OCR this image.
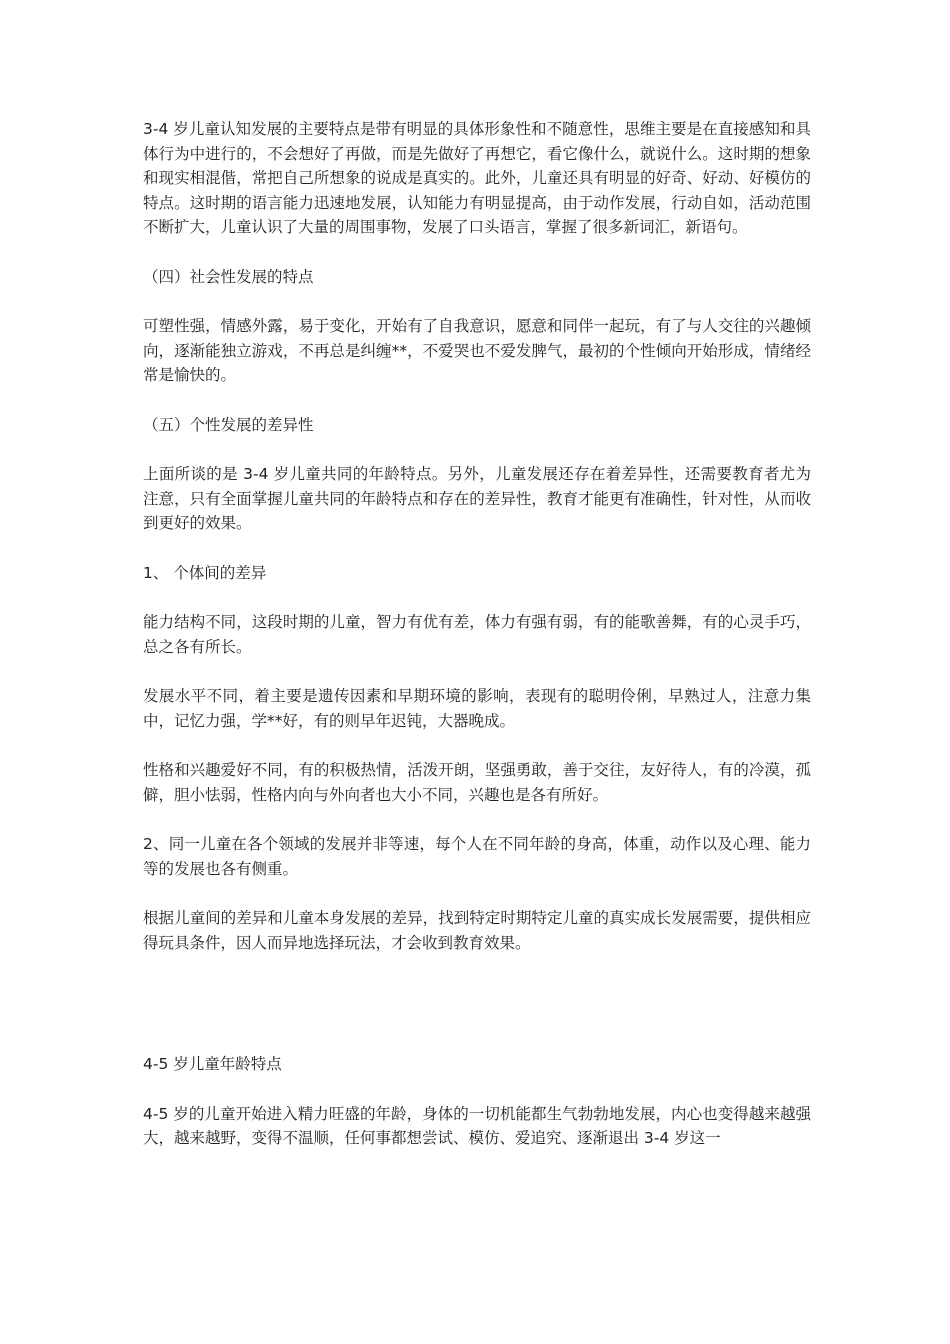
3-4 岁儿童认知发展的主要特点是带有明显的具体形象性和不随意性，思维主要是在直接感知和具体行为中进行的，不会想好了再做，而是先做好了再想它，看它像什么，就说什么。这时期的想象和现实相混偕，常把自己所想象的说成是真实的。此外，儿童还具有明显的好奇、好动、好模仿的特点。这时期的语言能力迅速地发展，认知能力有明显提高，由于动作发展，行动自如，活动范围不断扩大，儿童认识了大量的周围事物，发展了口头语言，掌握了很多新词汇，新语句。

（四）社会性发展的特点

可塑性强，情感外露，易于变化，开始有了自我意识，愿意和同伴一起玩，有了与人交往的兴趣倾向，逐渐能独立游戏，不再总是纠缠**，不爱哭也不爱发脾气，最初的个性倾向开始形成，情绪经常是愉快的。

（五）个性发展的差异性

上面所谈的是 3-4 岁儿童共同的年龄特点。另外，儿童发展还存在着差异性，还需要教育者尤为注意，只有全面掌握儿童共同的年龄特点和存在的差异性，教育才能更有准确性，针对性，从而收到更好的效果。

1、 个体间的差异

能力结构不同，这段时期的儿童，智力有优有差，体力有强有弱，有的能歌善舞，有的心灵手巧，总之各有所长。

发展水平不同，着主要是遗传因素和早期环境的影响，表现有的聪明伶俐，早熟过人，注意力集中，记忆力强，学**好，有的则早年迟钝，大器晚成。

性格和兴趣爱好不同，有的积极热情，活泼开朗，坚强勇敢，善于交往，友好待人，有的冷漠，孤僻，胆小怯弱，性格内向与外向者也大小不同，兴趣也是各有所好。

2、同一儿童在各个领域的发展并非等速，每个人在不同年龄的身高，体重，动作以及心理、能力等的发展也各有侧重。

根据儿童间的差异和儿童本身发展的差异，找到特定时期特定儿童的真实成长发展需要，提供相应得玩具条件，因人而异地选择玩法，才会收到教育效果。

4-5 岁儿童年龄特点

4-5 岁的儿童开始进入精力旺盛的年龄，身体的一切机能都生气勃勃地发展，内心也变得越来越强大，越来越野，变得不温顺，任何事都想尝试、模仿、爱追究、逐渐退出 3-4 岁这一
